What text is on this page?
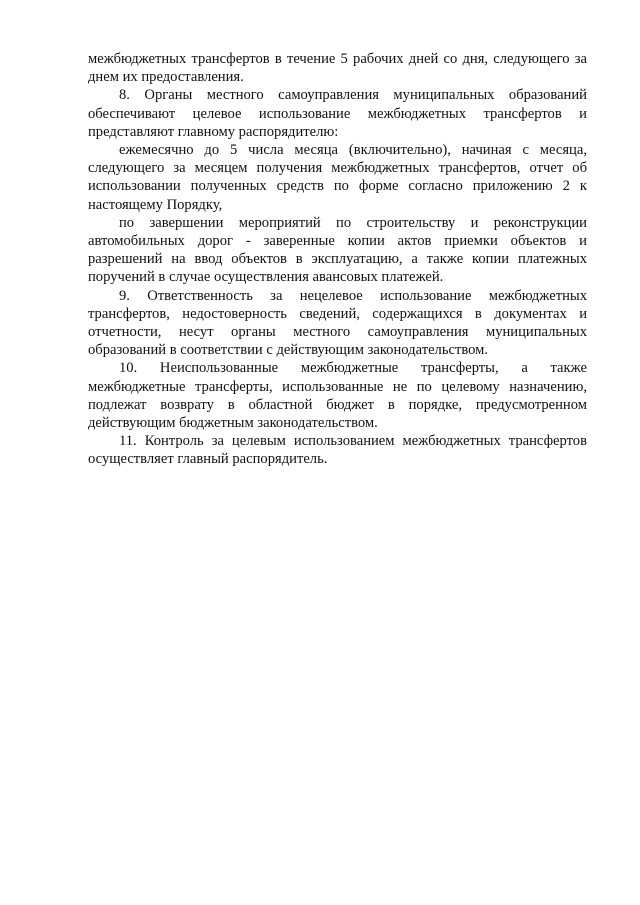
межбюджетных трансфертов в течение 5 рабочих дней со дня, следующего за днем их предоставления.

8. Органы местного самоуправления муниципальных образований обеспечивают целевое использование межбюджетных трансфертов и представляют главному распорядителю:

ежемесячно до 5 числа месяца (включительно), начиная с месяца, следующего за месяцем получения межбюджетных трансфертов, отчет об использовании полученных средств по форме согласно приложению 2 к настоящему Порядку,

по завершении мероприятий по строительству и реконструкции автомобильных дорог - заверенные копии актов приемки объектов и разрешений на ввод объектов в эксплуатацию, а также копии платежных поручений в случае осуществления авансовых платежей.

9. Ответственность за нецелевое использование межбюджетных трансфертов, недостоверность сведений, содержащихся в документах и отчетности, несут органы местного самоуправления муниципальных образований в соответствии с действующим законодательством.

10. Неиспользованные межбюджетные трансферты, а также межбюджетные трансферты, использованные не по целевому назначению, подлежат возврату в областной бюджет в порядке, предусмотренном действующим бюджетным законодательством.

11. Контроль за целевым использованием межбюджетных трансфертов осуществляет главный распорядитель.
